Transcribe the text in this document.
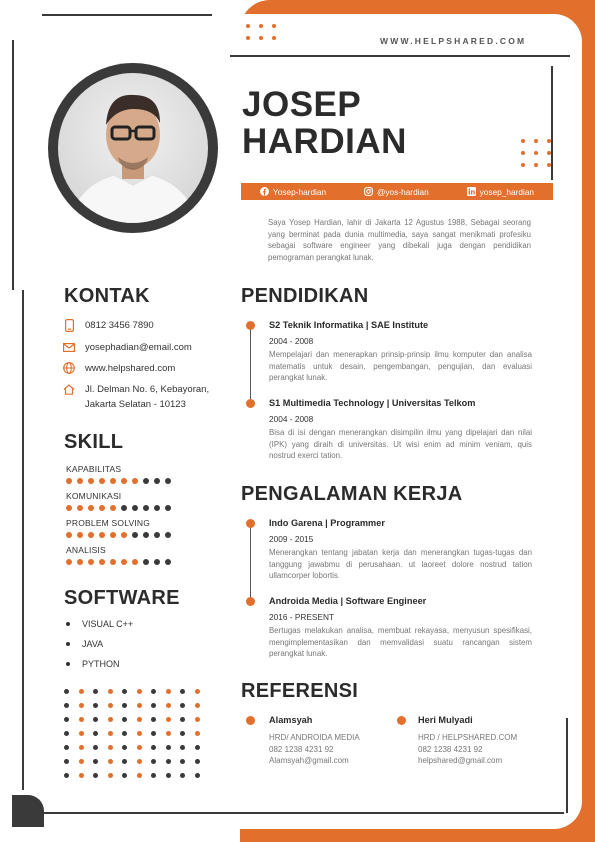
WWW.HELPSHARED.COM
JOSEP
HARDIAN
Yosep-hardian	@yos-hardian	yosep_hardian

Saya Yosep Hardian, lahir di Jakarta 12 Agustus 1988, Sebagai seorang yang berminat pada dunia multimedia, saya sangat menikmati profesiku sebagai software engineer yang dibekali juga dengan pendidikan pemograman perangkat lunak.

KONTAK
0812 3456 7890
yosephadian@email.com
www.helpshared.com
Jl. Delman No. 6, Kebayoran,
Jakarta Selatan - 10123
SKILL
KAPABILITAS
KOMUNIKASI
PROBLEM SOLVING
ANALISIS
SOFTWARE
VISUAL C++
JAVA
PYTHON
PENDIDIKAN
S2 Teknik Informatika | SAE Institute
2004 - 2008
Mempelajari dan menerapkan prinsip-prinsip ilmu komputer dan analisa matematis untuk desain, pengembangan, pengujian, dan evaluasi perangkat lunak.
S1 Multimedia Technology | Universitas Telkom
2004 - 2008
Bisa di isi dengan menerangkan disimpilin ilmu yang dipelajari dan nilai (IPK) yang diraih di universitas. Ut wisi enim ad minim veniam, quis nostrud exerci tation.
PENGALAMAN KERJA
Indo Garena | Programmer
2009 - 2015
Menerangkan tentang jabatan kerja dan menerangkan tugas-tugas dan tanggung jawabmu di perusahaan. ut laoreet dolore nostrud tation ullamcorper lobortis.
Androida Media | Software Engineer
2016 - PRESENT
Bertugas melakukan analisa, membuat rekayasa, menyusun spesifikasi, mengimplementasikan dan memvalidasi suatu rancangan sistem perangkat lunak.
REFERENSI
Alamsyah
HRD/ ANDROIDA MEDIA
082 1238 4231 92
Alamsyah@gmail.com
Heri Mulyadi
HRD / HELPSHARED.COM
082 1238 4231 92
helpshared@gmail.com
